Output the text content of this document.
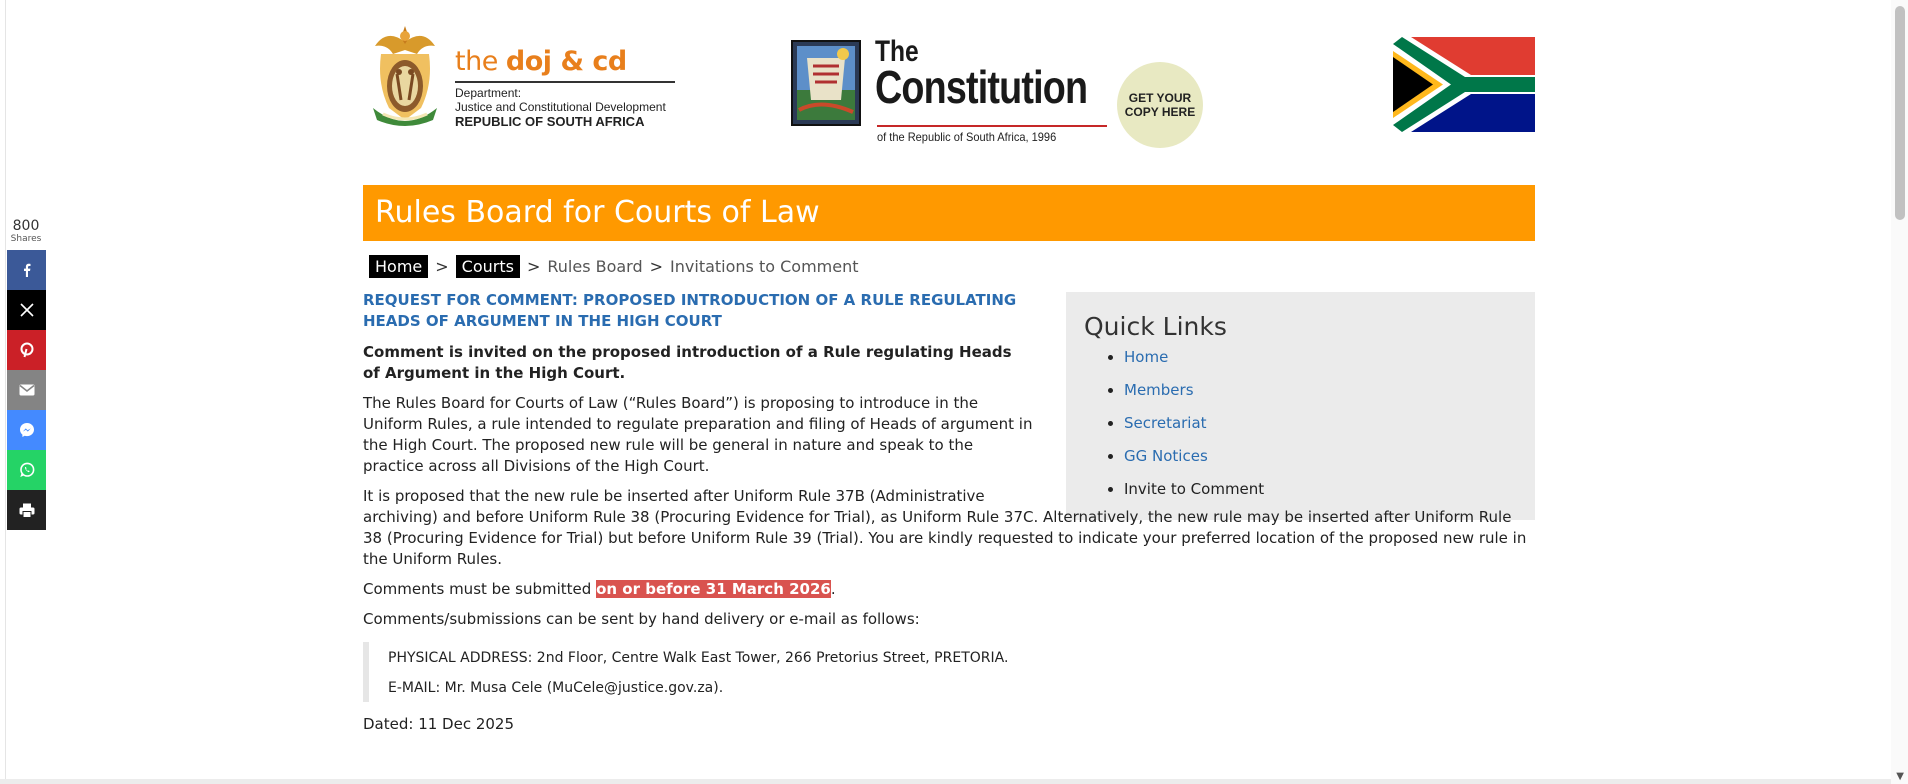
the doj & cd
Department:
Justice and Constitutional Development
REPUBLIC OF SOUTH AFRICA
The
Constitution
of the Republic of South Africa, 1996
GET YOUR
COPY HERE
Rules Board for Courts of Law
Home > Courts > Rules Board > Invitations to Comment
Quick Links
• Home
• Members
• Secretariat
• GG Notices
• Invite to Comment

REQUEST FOR COMMENT: PROPOSED INTRODUCTION OF A RULE REGULATING HEADS OF ARGUMENT IN THE HIGH COURT

Comment is invited on the proposed introduction of a Rule regulating Heads of Argument in the High Court.

The Rules Board for Courts of Law (“Rules Board”) is proposing to introduce in the Uniform Rules, a rule intended to regulate preparation and filing of Heads of argument in the High Court. The proposed new rule will be general in nature and speak to the practice across all Divisions of the High Court.

It is proposed that the new rule be inserted after Uniform Rule 37B (Administrative
archiving) and before Uniform Rule 38 (Procuring Evidence for Trial), as Uniform Rule 37C. Alternatively, the new rule may be inserted after Uniform Rule 38 (Procuring Evidence for Trial) but before Uniform Rule 39 (Trial). You are kindly requested to indicate your preferred location of the proposed new rule in the Uniform Rules.

Comments must be submitted on or before 31 March 2026.

Comments/submissions can be sent by hand delivery or e-mail as follows:

PHYSICAL ADDRESS: 2nd Floor, Centre Walk East Tower, 266 Pretorius Street, PRETORIA.
E-MAIL: Mr. Musa Cele (MuCele@justice.gov.za).

Dated: 11 Dec 2025

800
Shares
▼
